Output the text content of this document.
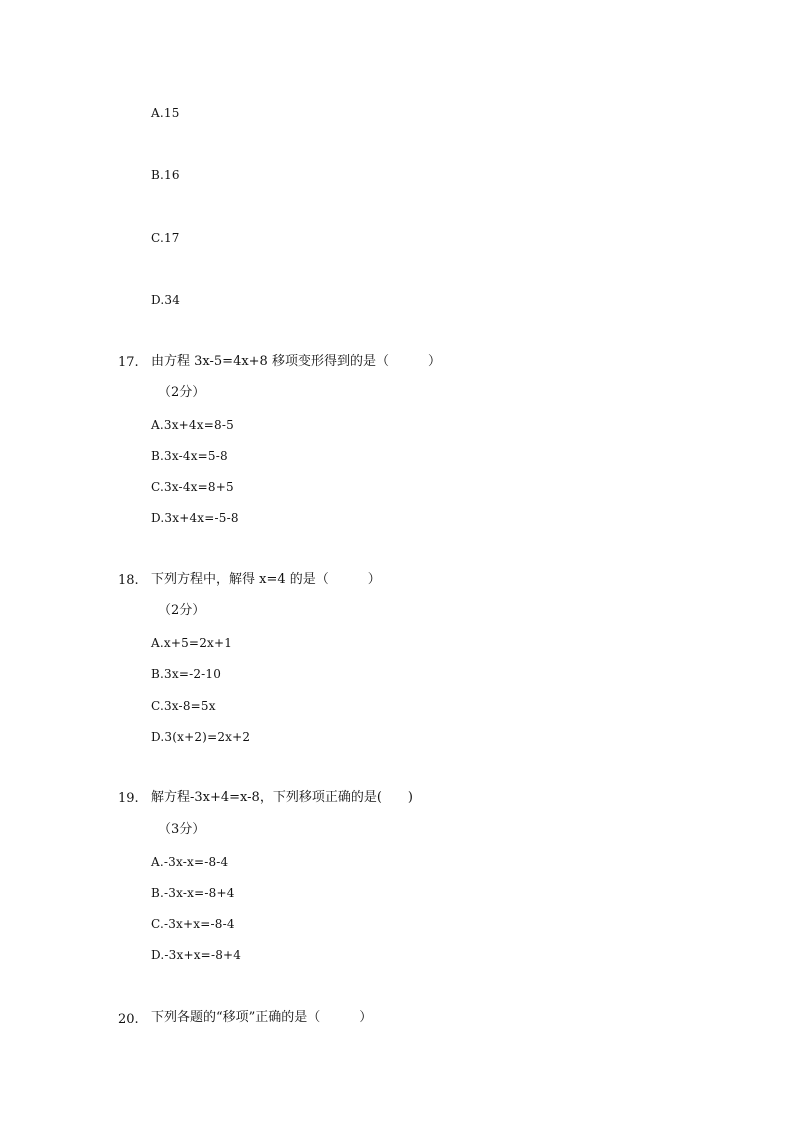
A.15
B.16
C.17
D.34
17. 由方程 3x-5=4x+8 移项变形得到的是（　　　）
（2分）
A.3x+4x=8-5
B.3x-4x=5-8
C.3x-4x=8+5
D.3x+4x=-5-8
18. 下列方程中，解得 x=4 的是（　　　）
（2分）
A.x+5=2x+1
B.3x=-2-10
C.3x-8=5x
D.3(x+2)=2x+2
19. 解方程-3x+4=x-8，下列移项正确的是(　　)
（3分）
A.-3x-x=-8-4
B.-3x-x=-8+4
C.-3x+x=-8-4
D.-3x+x=-8+4
20. 下列各题的“移项”正确的是（　　　）
